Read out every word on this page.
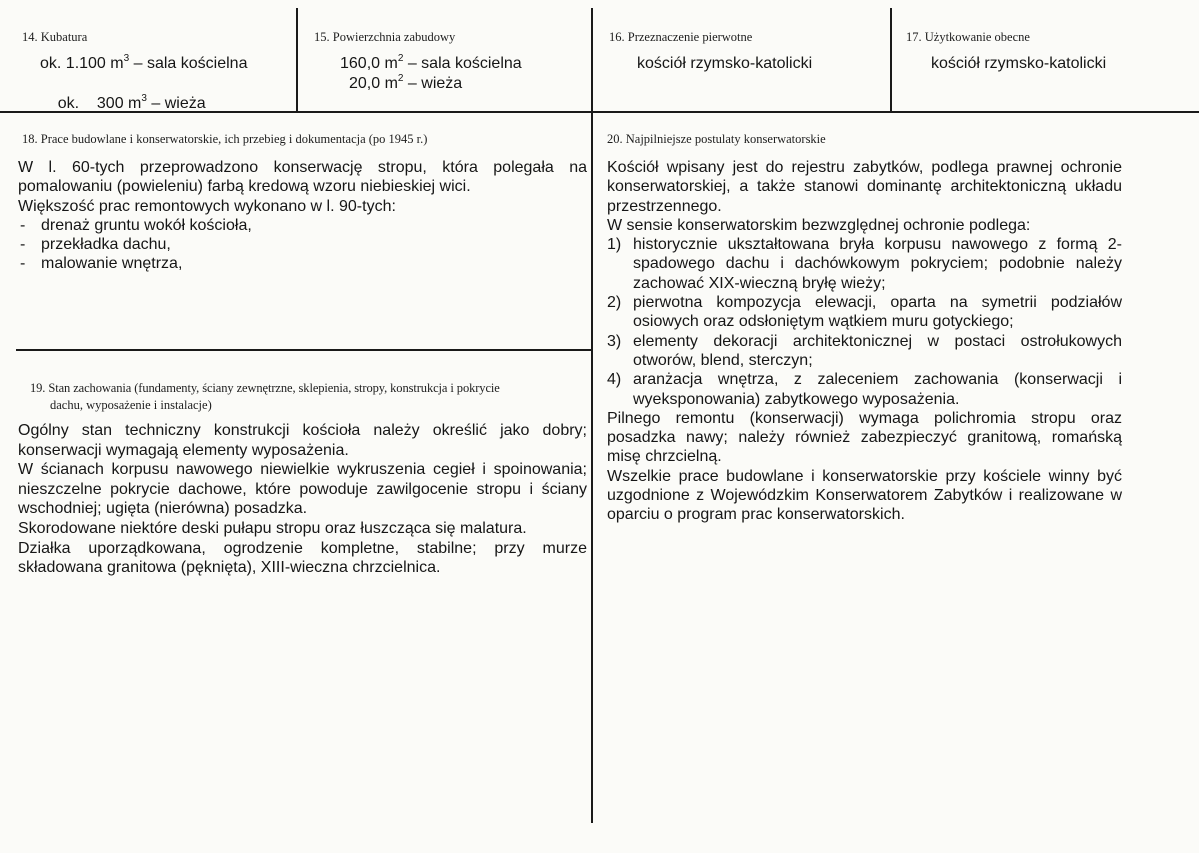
14. Kubatura
ok. 1.100 $m^3$ – sala kościelna

ok.    300 $m^3$ – wieża

15. Powierzchnia zabudowy
160,0 $m^2$ – sala kościelna
20,0 $m^2$ – wieża
16. Przeznaczenie pierwotne
kościół rzymsko-katolicki
17. Użytkowanie obecne
kościół rzymsko-katolicki
18. Prace budowlane i konserwatorskie, ich przebieg i dokumentacja (po 1945 r.)

W l. 60-tych przeprowadzono konserwację stropu, która polegała na pomalowaniu (powieleniu) farbą kredową wzoru niebieskiej wici.

Większość prac remontowych wykonano w l. 90-tych:

- drenaż gruntu wokół kościoła,
- przekładka dachu,
- malowanie wnętrza,
19. Stan zachowania (fundamenty, ściany zewnętrzne, sklepienia, stropy, konstrukcja i pokrycie
dachu, wyposażenie i instalacje)

Ogólny stan techniczny konstrukcji kościoła należy określić jako dobry; konserwacji wymagają elementy wyposażenia.

W ścianach korpusu nawowego niewielkie wykruszenia cegieł i spoinowania; nieszczelne pokrycie dachowe, które powoduje zawilgocenie stropu i ściany wschodniej; ugięta (nierówna) posadzka.

Skorodowane niektóre deski pułapu stropu oraz łuszcząca się malatura.

Działka uporządkowana, ogrodzenie kompletne, stabilne; przy murze składowana granitowa (pęknięta), XIII-wieczna chrzcielnica.

20. Najpilniejsze postulaty konserwatorskie

Kościół wpisany jest do rejestru zabytków, podlega prawnej ochronie konserwatorskiej, a także stanowi dominantę architektoniczną układu przestrzennego.

W sensie konserwatorskim bezwzględnej ochronie podlega:

1) historycznie ukształtowana bryła korpusu nawowego z formą 2-spadowego dachu i dachówkowym pokryciem; podobnie należy zachować XIX-wieczną bryłę wieży;
2) pierwotna kompozycja elewacji, oparta na symetrii podziałów osiowych oraz odsłoniętym wątkiem muru gotyckiego;
3) elementy dekoracji architektonicznej w postaci ostrołukowych otworów, blend, sterczyn;
4) aranżacja wnętrza, z zaleceniem zachowania (konserwacji i wyeksponowania) zabytkowego wyposażenia.

Pilnego remontu (konserwacji) wymaga polichromia stropu oraz posadzka nawy; należy również zabezpieczyć granitową, romańską misę chrzcielną.

Wszelkie prace budowlane i konserwatorskie przy kościele winny być uzgodnione z Wojewódzkim Konserwatorem Zabytków i realizowane w oparciu o program prac konserwatorskich.
